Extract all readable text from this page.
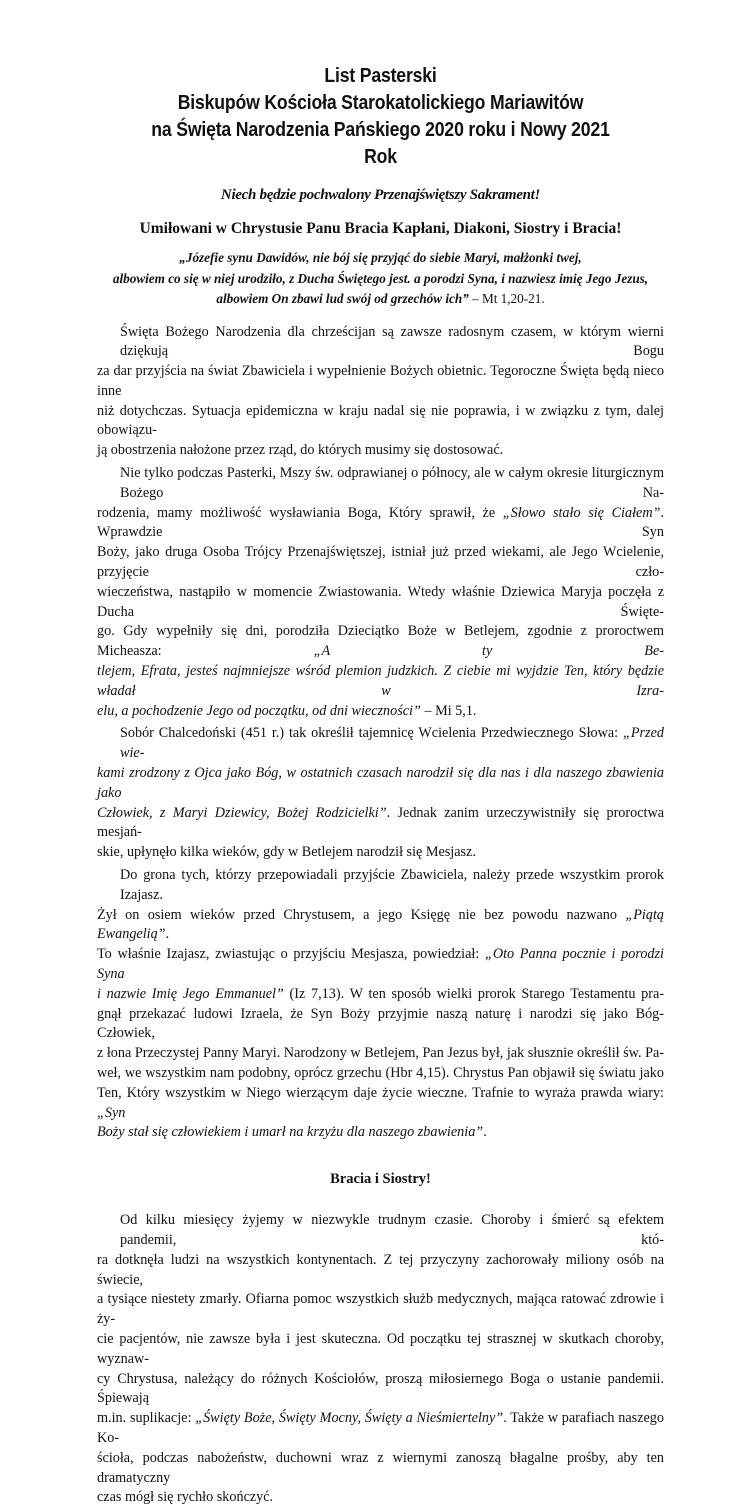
List Pasterski

Biskupów Kościoła Starokatolickiego Mariawitów

na Święta Narodzenia Pańskiego 2020 roku i Nowy 2021 Rok

Niech będzie pochwalony Przenajświętszy Sakrament!

Umiłowani w Chrystusie Panu Bracia Kapłani, Diakoni, Siostry i Bracia!

„Józefie synu Dawidów, nie bój się przyjąć do siebie Maryi, małżonki twej,
albowiem co się w niej urodziło, z Ducha Świętego jest. a porodzi Syna, i nazwiesz imię Jego Jezus,
albowiem On zbawi lud swój od grzechów ich” – Mt 1,20-21.
Święta Bożego Narodzenia dla chrześcijan są zawsze radosnym czasem, w którym wierni dziękują Bogu
za dar przyjścia na świat Zbawiciela i wypełnienie Bożych obietnic. Tegoroczne Święta będą nieco inne
niż dotychczas. Sytuacja epidemiczna w kraju nadal się nie poprawia, i w związku z tym, dalej obowiązu-
ją obostrzenia nałożone przez rząd, do których musimy się dostosować.
Nie tylko podczas Pasterki, Mszy św. odprawianej o północy, ale w całym okresie liturgicznym Bożego Na-
rodzenia, mamy możliwość wysławiania Boga, Który sprawił, że „Słowo stało się Ciałem”. Wprawdzie Syn
Boży, jako druga Osoba Trójcy Przenajświętszej, istniał już przed wiekami, ale Jego Wcielenie, przyjęcie czło-
wieczeństwa, nastąpiło w momencie Zwiastowania. Wtedy właśnie Dziewica Maryja poczęła z Ducha Święte-
go. Gdy wypełniły się dni, porodziła Dzieciątko Boże w Betlejem, zgodnie z proroctwem Micheasza: „A ty Be-
tlejem, Efrata, jesteś najmniejsze wśród plemion judzkich. Z ciebie mi wyjdzie Ten, który będzie władał w Izra-
elu, a pochodzenie Jego od początku, od dni wieczności” – Mi 5,1.
Sobór Chalcedoński (451 r.) tak określił tajemnicę Wcielenia Przedwiecznego Słowa: „Przed wie-
kami zrodzony z Ojca jako Bóg, w ostatnich czasach narodził się dla nas i dla naszego zbawienia jako
Człowiek, z Maryi Dziewicy, Bożej Rodzicielki”. Jednak zanim urzeczywistniły się proroctwa mesjań-
skie, upłynęło kilka wieków, gdy w Betlejem narodził się Mesjasz.
Do grona tych, którzy przepowiadali przyjście Zbawiciela, należy przede wszystkim prorok Izajasz.
Żył on osiem wieków przed Chrystusem, a jego Księgę nie bez powodu nazwano „Piątą Ewangelią”.
To właśnie Izajasz, zwiastując o przyjściu Mesjasza, powiedział: „Oto Panna pocznie i porodzi Syna
i nazwie Imię Jego Emmanuel” (Iz 7,13). W ten sposób wielki prorok Starego Testamentu pra-
gnął przekazać ludowi Izraela, że Syn Boży przyjmie naszą naturę i narodzi się jako Bóg-Człowiek,
z łona Przeczystej Panny Maryi. Narodzony w Betlejem, Pan Jezus był, jak słusznie określił św. Pa-
weł, we wszystkim nam podobny, oprócz grzechu (Hbr 4,15). Chrystus Pan objawił się światu jako
Ten, Który wszystkim w Niego wierzącym daje życie wieczne. Trafnie to wyraża prawda wiary: „Syn
Boży stał się człowiekiem i umarł na krzyżu dla naszego zbawienia”.

Bracia i Siostry!

Od kilku miesięcy żyjemy w niezwykle trudnym czasie. Choroby i śmierć są efektem pandemii, któ-
ra dotknęła ludzi na wszystkich kontynentach. Z tej przyczyny zachorowały miliony osób na świecie,
a tysiące niestety zmarły. Ofiarna pomoc wszystkich służb medycznych, mająca ratować zdrowie i ży-
cie pacjentów, nie zawsze była i jest skuteczna. Od początku tej strasznej w skutkach choroby, wyznaw-
cy Chrystusa, należący do różnych Kościołów, proszą miłosiernego Boga o ustanie pandemii. Śpiewają
m.in. suplikacje: „Święty Boże, Święty Mocny, Święty a Nieśmiertelny”. Także w parafiach naszego Ko-
ścioła, podczas nabożeństw, duchowni wraz z wiernymi zanoszą błagalne prośby, aby ten dramatyczny
czas mógł się rychło skończyć.
